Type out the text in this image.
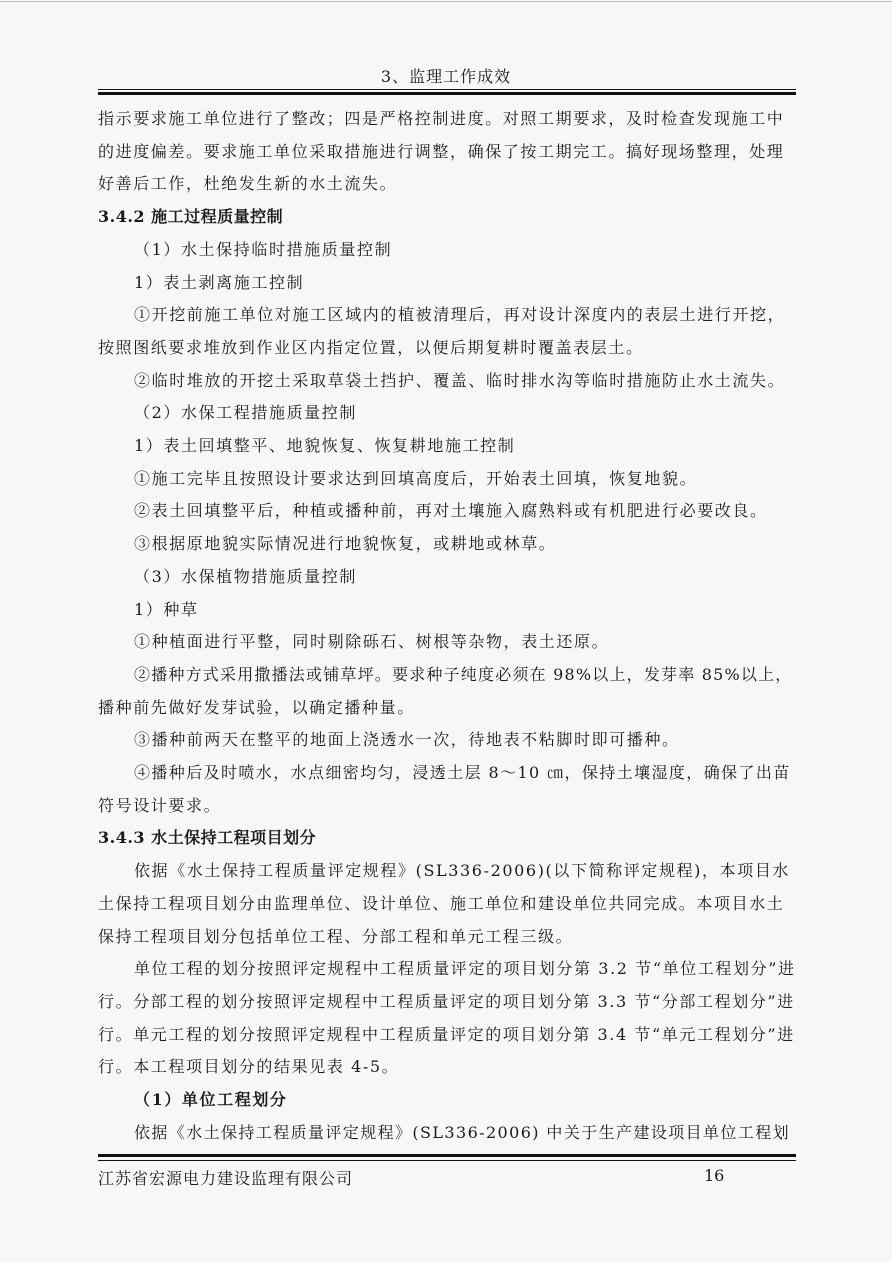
3、监理工作成效

指示要求施工单位进行了整改；四是严格控制进度。对照工期要求，及时检查发现施工中

的进度偏差。要求施工单位采取措施进行调整，确保了按工期完工。搞好现场整理，处理

好善后工作，杜绝发生新的水土流失。

3.4.2 施工过程质量控制

（1）水土保持临时措施质量控制

1）表土剥离施工控制

①开挖前施工单位对施工区域内的植被清理后，再对设计深度内的表层土进行开挖，

按照图纸要求堆放到作业区内指定位置，以便后期复耕时覆盖表层土。

②临时堆放的开挖土采取草袋土挡护、覆盖、临时排水沟等临时措施防止水土流失。

（2）水保工程措施质量控制

1）表土回填整平、地貌恢复、恢复耕地施工控制

①施工完毕且按照设计要求达到回填高度后，开始表土回填，恢复地貌。

②表土回填整平后，种植或播种前，再对土壤施入腐熟料或有机肥进行必要改良。

③根据原地貌实际情况进行地貌恢复，或耕地或林草。

（3）水保植物措施质量控制

1）种草

①种植面进行平整，同时剔除砾石、树根等杂物，表土还原。

②播种方式采用撒播法或铺草坪。要求种子纯度必须在 98%以上，发芽率 85%以上，

播种前先做好发芽试验，以确定播种量。

③播种前两天在整平的地面上浇透水一次，待地表不粘脚时即可播种。

④播种后及时喷水，水点细密均匀，浸透土层 8～10 ㎝，保持土壤湿度，确保了出苗

符号设计要求。

3.4.3 水土保持工程项目划分

依据《水土保持工程质量评定规程》(SL336-2006)(以下简称评定规程)，本项目水

土保持工程项目划分由监理单位、设计单位、施工单位和建设单位共同完成。本项目水土

保持工程项目划分包括单位工程、分部工程和单元工程三级。

单位工程的划分按照评定规程中工程质量评定的项目划分第 3.2 节“单位工程划分”进

行。分部工程的划分按照评定规程中工程质量评定的项目划分第 3.3 节“分部工程划分”进

行。单元工程的划分按照评定规程中工程质量评定的项目划分第 3.4 节“单元工程划分”进

行。本工程项目划分的结果见表 4-5。

（1）单位工程划分

依据《水土保持工程质量评定规程》(SL336-2006) 中关于生产建设项目单位工程划

江苏省宏源电力建设监理有限公司	16
